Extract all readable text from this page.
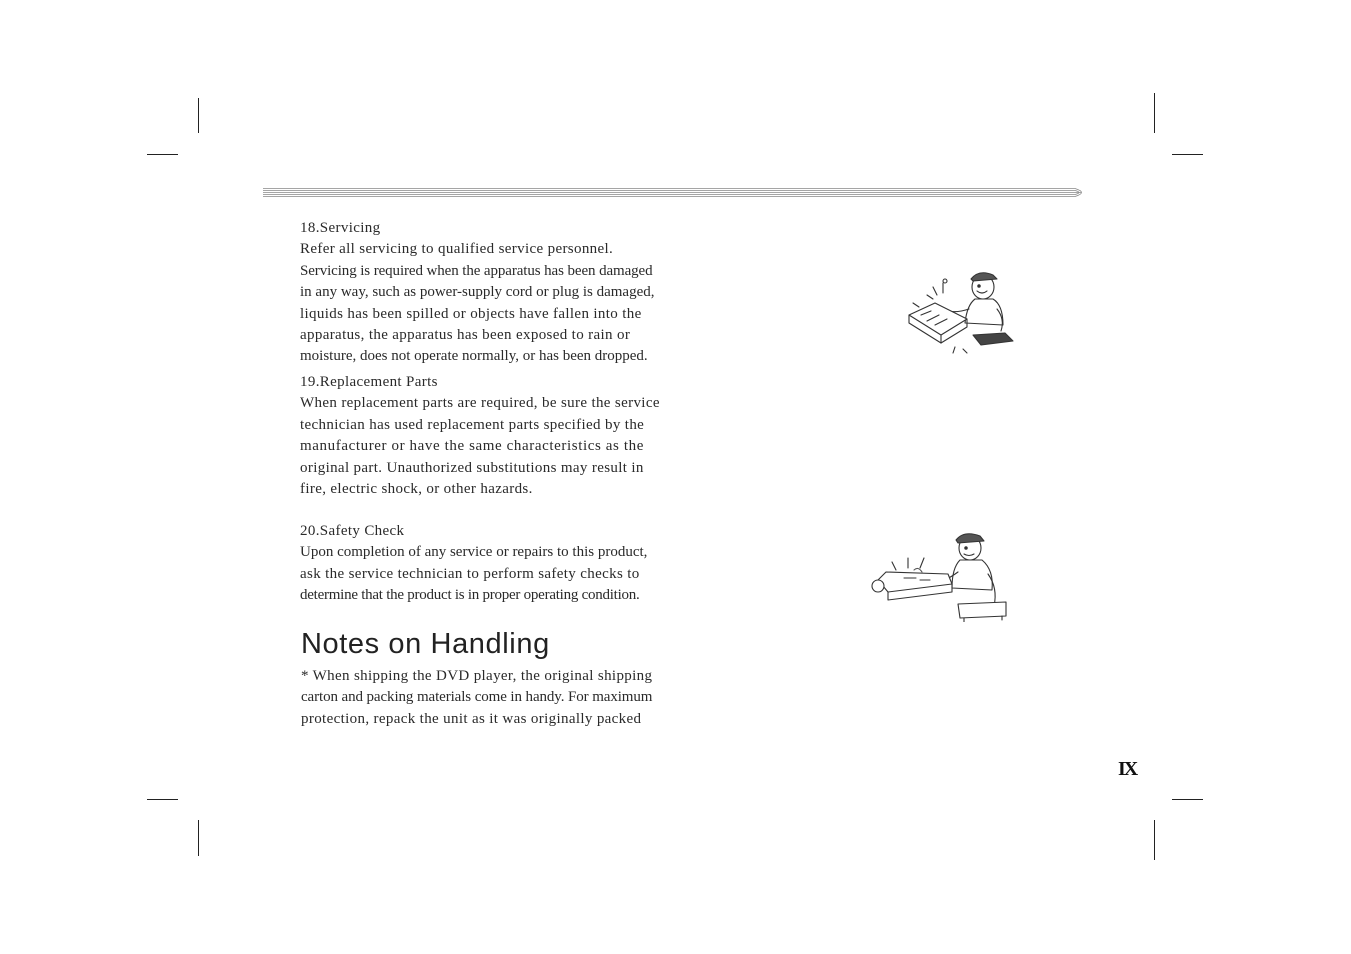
18.Servicing

Refer all servicing to qualified service personnel.
Servicing is required when the apparatus has been damaged
in any way, such as power-supply cord or plug is damaged,
liquids has been spilled or objects have fallen into the
apparatus, the apparatus has been exposed to rain or
moisture, does not operate normally, or has been dropped.

19.Replacement Parts

When replacement parts are required, be sure the service
technician has used replacement parts specified by the
manufacturer or have the same characteristics as the
original part. Unauthorized substitutions may result in
fire, electric shock, or other hazards.

20.Safety Check

Upon completion of any service or repairs to this product,
ask the service technician to perform safety checks to
determine that the product is in proper operating condition.
Notes on Handling
* When shipping the DVD player, the original shipping
carton and packing materials come in handy. For maximum
protection, repack the unit as it was originally packed
IX
